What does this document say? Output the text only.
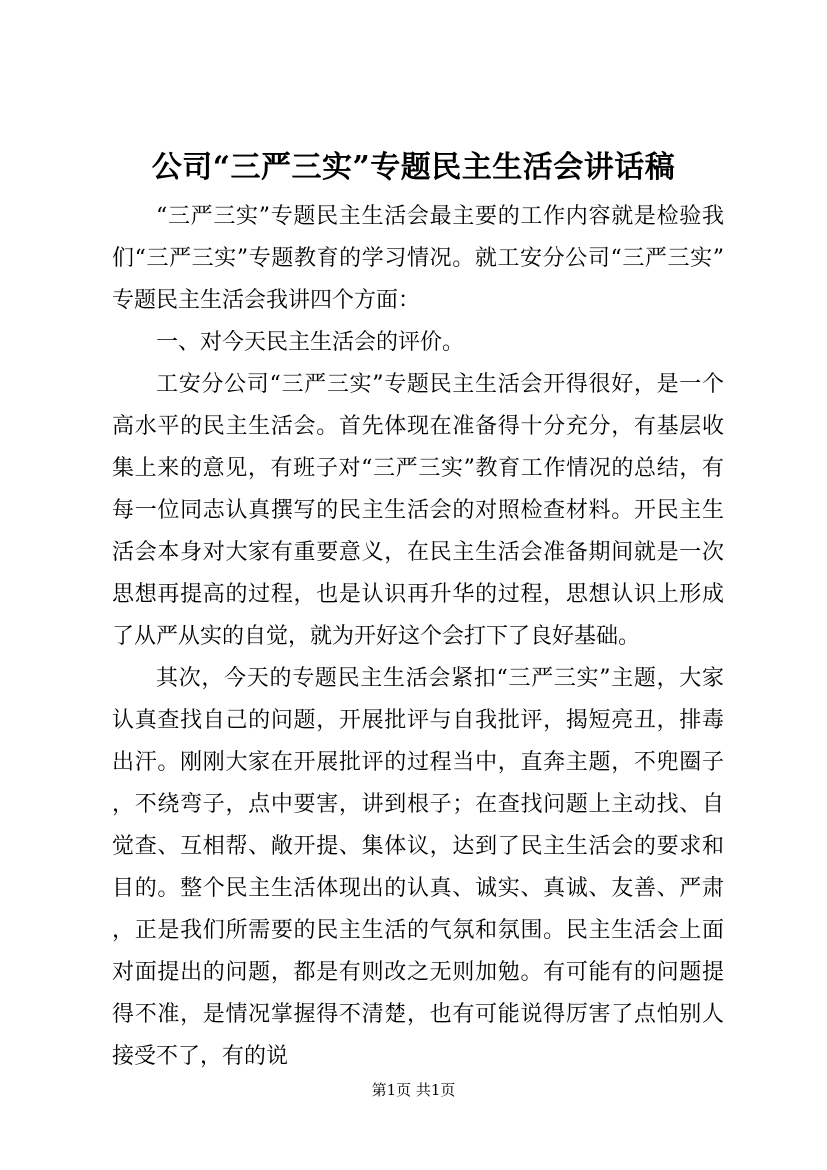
公司“三严三实”专题民主生活会讲话稿

“三严三实”专题民主生活会最主要的工作内容就是检验我们“三严三实”专题教育的学习情况。就工安分公司“三严三实”专题民主生活会我讲四个方面：

一、对今天民主生活会的评价。

工安分公司“三严三实”专题民主生活会开得很好，是一个高水平的民主生活会。首先体现在准备得十分充分，有基层收集上来的意见，有班子对“三严三实”教育工作情况的总结，有每一位同志认真撰写的民主生活会的对照检查材料。开民主生活会本身对大家有重要意义，在民主生活会准备期间就是一次思想再提高的过程，也是认识再升华的过程，思想认识上形成了从严从实的自觉，就为开好这个会打下了良好基础。

其次，今天的专题民主生活会紧扣“三严三实”主题，大家认真查找自己的问题，开展批评与自我批评，揭短亮丑，排毒出汗。刚刚大家在开展批评的过程当中，直奔主题，不兜圈子，不绕弯子，点中要害，讲到根子；在查找问题上主动找、自觉查、互相帮、敞开提、集体议，达到了民主生活会的要求和目的。整个民主生活体现出的认真、诚实、真诚、友善、严肃，正是我们所需要的民主生活的气氛和氛围。民主生活会上面对面提出的问题，都是有则改之无则加勉。有可能有的问题提得不准，是情况掌握得不清楚，也有可能说得厉害了点怕别人接受不了，有的说

第1页 共1页
